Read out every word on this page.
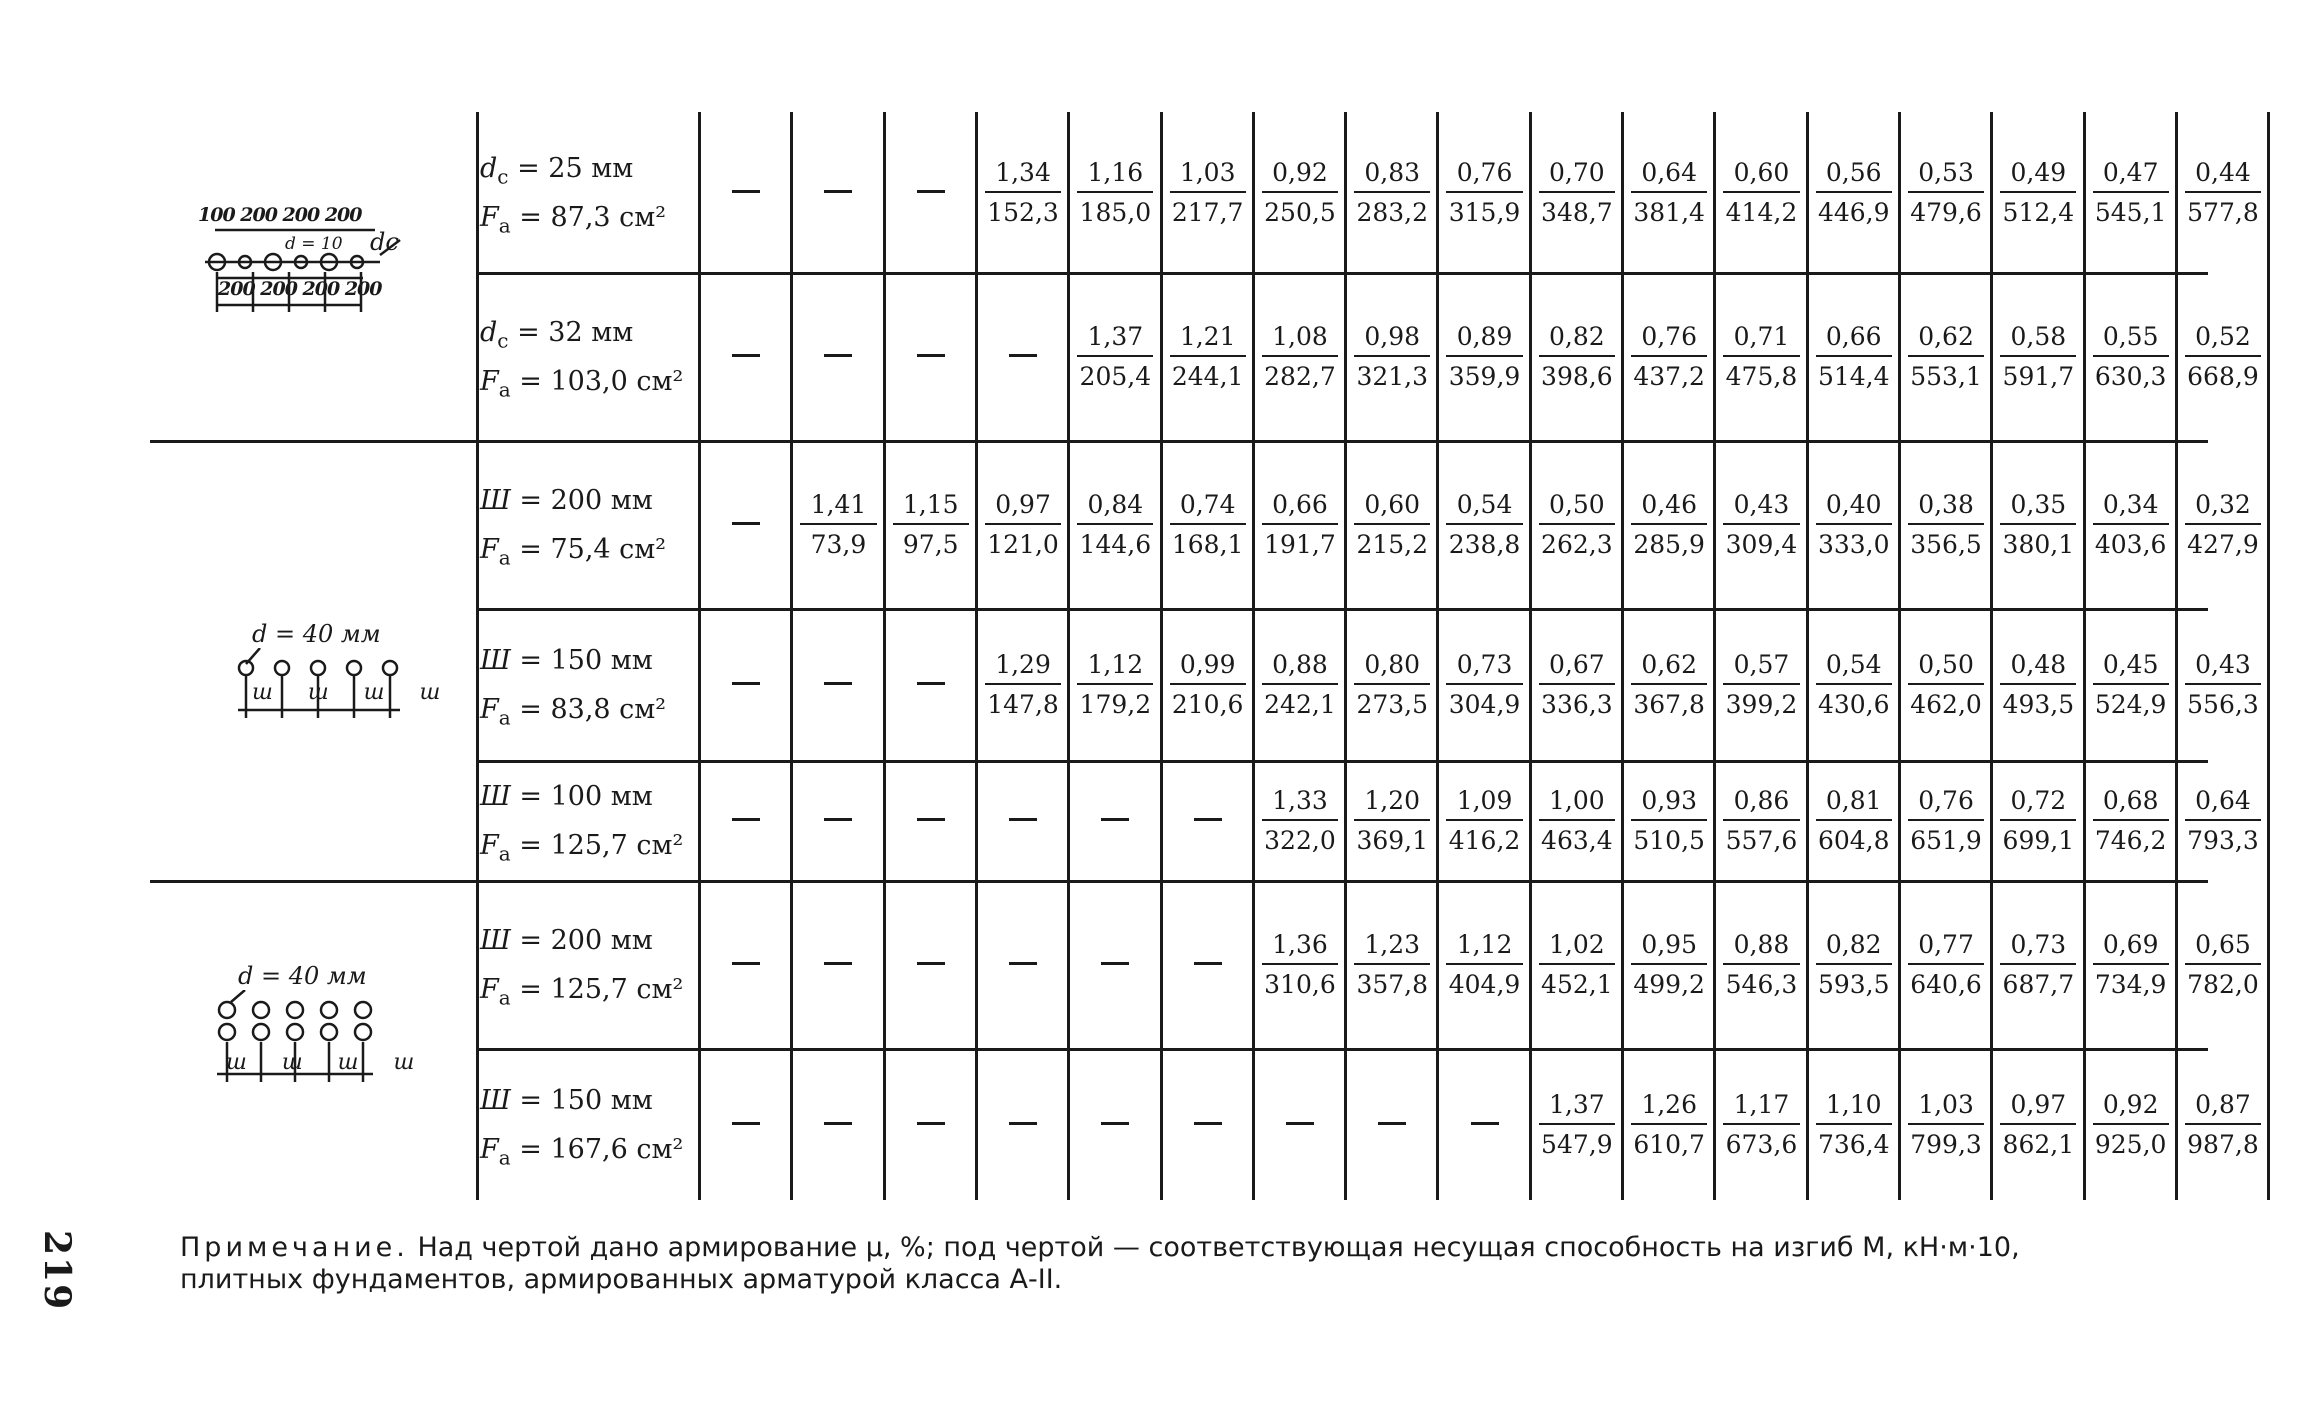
$d_c = 25$ мм
$F_a = 87,3$ см²
1,34
152,3
1,16
185,0
1,03
217,7
0,92
250,5
0,83
283,2
0,76
315,9
0,70
348,7
0,64
381,4
0,60
414,2
0,56
446,9
0,53
479,6
0,49
512,4
0,47
545,1
0,44
577,8
$d_c = 32$ мм
$F_a = 103,0$ см²
1,37
205,4
1,21
244,1
1,08
282,7
0,98
321,3
0,89
359,9
0,82
398,6
0,76
437,2
0,71
475,8
0,66
514,4
0,62
553,1
0,58
591,7
0,55
630,3
0,52
668,9
Ш = 200 мм
$F_a = 75,4$ см²
1,41
73,9
1,15
97,5
0,97
121,0
0,84
144,6
0,74
168,1
0,66
191,7
0,60
215,2
0,54
238,8
0,50
262,3
0,46
285,9
0,43
309,4
0,40
333,0
0,38
356,5
0,35
380,1
0,34
403,6
0,32
427,9
Ш = 150 мм
$F_a = 83,8$ см²
1,29
147,8
1,12
179,2
0,99
210,6
0,88
242,1
0,80
273,5
0,73
304,9
0,67
336,3
0,62
367,8
0,57
399,2
0,54
430,6
0,50
462,0
0,48
493,5
0,45
524,9
0,43
556,3
Ш = 100 мм
$F_a = 125,7$ см²
1,33
322,0
1,20
369,1
1,09
416,2
1,00
463,4
0,93
510,5
0,86
557,6
0,81
604,8
0,76
651,9
0,72
699,1
0,68
746,2
0,64
793,3
Ш = 200 мм
$F_a = 125,7$ см²
1,36
310,6
1,23
357,8
1,12
404,9
1,02
452,1
0,95
499,2
0,88
546,3
0,82
593,5
0,77
640,6
0,73
687,7
0,69
734,9
0,65
782,0
Ш = 150 мм
$F_a = 167,6$ см²
1,37
547,9
1,26
610,7
1,17
673,6
1,10
736,4
1,03
799,3
0,97
862,1
0,92
925,0
0,87
987,8
100 200 200 200
d = 10 dc
200 200 200 200
d = 40 мм
ш ш ш ш
d = 40 мм
ш ш ш ш
219	Примечание. Над чертой дано армирование μ, %; под чертой — соответствующая несущая способность на изгиб М, кН·м·10,
плитных фундаментов, армированных арматурой класса А-II.
